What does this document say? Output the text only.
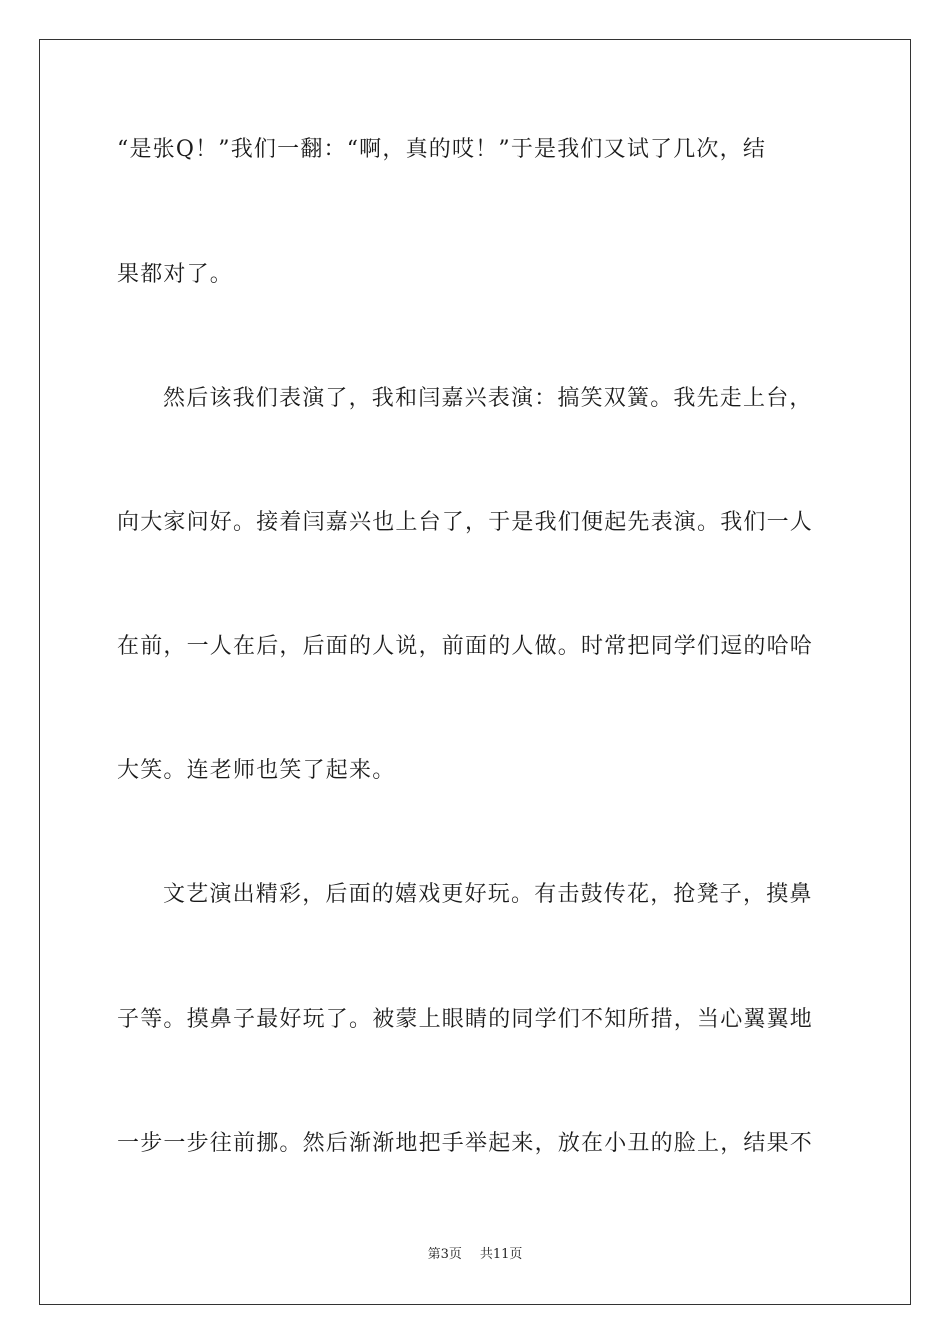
“是张Q！”我们一翻：“啊，真的哎！”于是我们又试了几次，结
果都对了。
然后该我们表演了，我和闫嘉兴表演：搞笑双簧。我先走上台，
向大家问好。接着闫嘉兴也上台了，于是我们便起先表演。我们一人
在前，一人在后，后面的人说，前面的人做。时常把同学们逗的哈哈
大笑。连老师也笑了起来。
文艺演出精彩，后面的嬉戏更好玩。有击鼓传花，抢凳子，摸鼻
子等。摸鼻子最好玩了。被蒙上眼睛的同学们不知所措，当心翼翼地
一步一步往前挪。然后渐渐地把手举起来，放在小丑的脸上，结果不
第3页 共11页
